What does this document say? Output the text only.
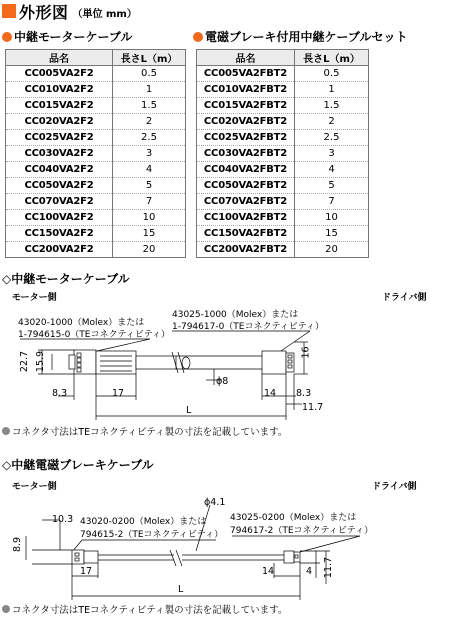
外形図 （単位 mm）
中継モーターケーブル	電磁ブレーキ付用中継ケーブルセット
品名	長さL（m）
CC005VA2F2	0.5
CC010VA2F2	1
CC015VA2F2	1.5
CC020VA2F2	2
CC025VA2F2	2.5
CC030VA2F2	3
CC040VA2F2	4
CC050VA2F2	5
CC070VA2F2	7
CC100VA2F2	10
CC150VA2F2	15
CC200VA2F2	20
品名	長さL（m）
CC005VA2FBT2	0.5
CC010VA2FBT2	1
CC015VA2FBT2	1.5
CC020VA2FBT2	2
CC025VA2FBT2	2.5
CC030VA2FBT2	3
CC040VA2FBT2	4
CC050VA2FBT2	5
CC070VA2FBT2	7
CC100VA2FBT2	10
CC150VA2FBT2	15
CC200VA2FBT2	20
◇中継モーターケーブル
モーター側	ドライバ側
43020-1000（Molex）または
1-794615-0（TEコネクティビティ）
43025-1000（Molex）または
1-794617-0（TEコネクティビティ）
◇中継電磁ブレーキケーブル
モーター側	ドライバ側
43020-0200（Molex）または
794615-2（TEコネクティビティ）
43025-0200（Molex）または
794617-2（TEコネクティビティ）
22.7 15.9
8.3	17
L
ϕ8
14 8.3
11.7
16
コネクタ寸法はTEコネクティビティ製の寸法を記載しています。
10.3
8.9
17
ϕ4.1
L
14	4 11.7
コネクタ寸法はTEコネクティビティ製の寸法を記載しています。
